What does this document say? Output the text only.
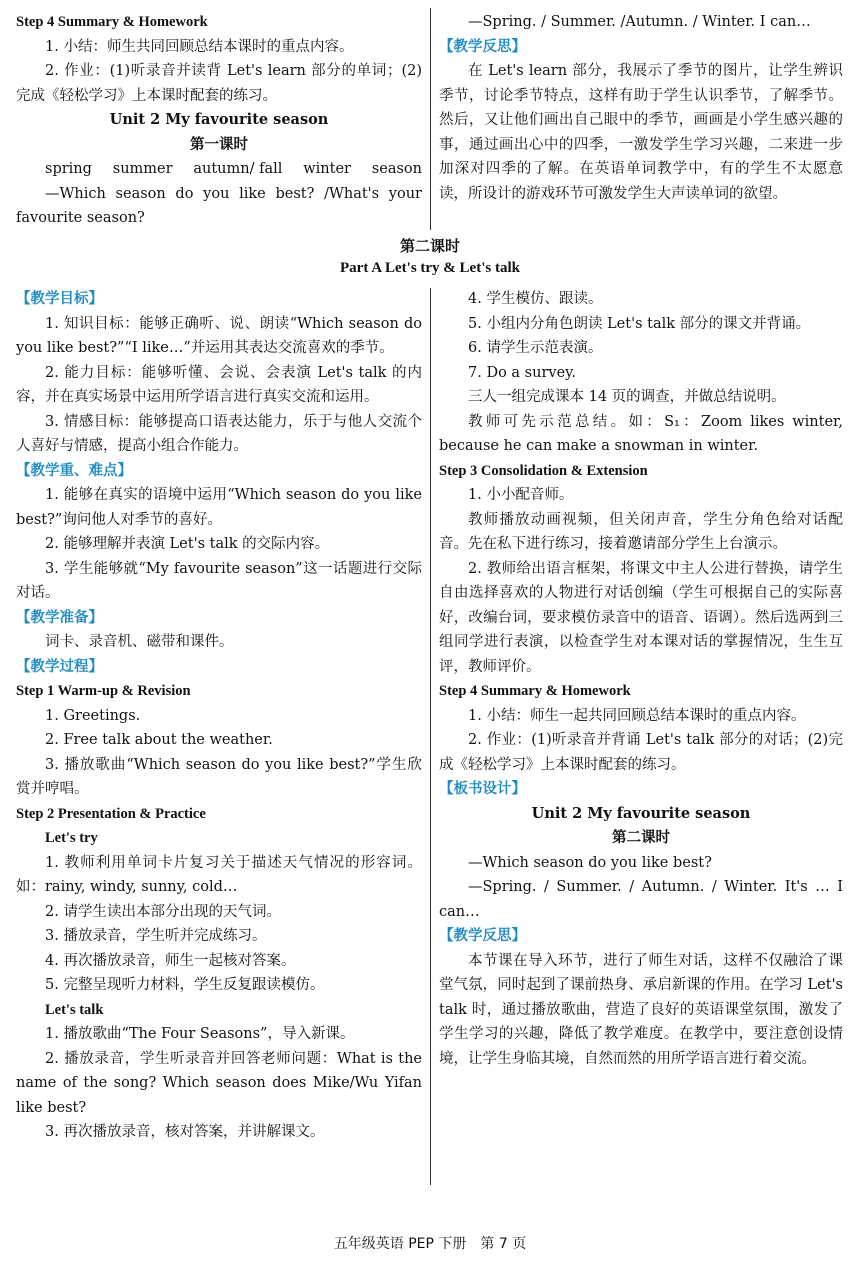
Step 4 Summary & Homework

1. 小结：师生共同回顾总结本课时的重点内容。

2. 作业：(1)听录音并读背 Let's learn 部分的单词；(2)完成《轻松学习》上本课时配套的练习。

Unit 2 My favourite season

第一课时

spring summer autumn/ fall winter season

—Which season do you like best? /What's your favourite season?

—Spring. / Summer. /Autumn. / Winter. I can…

【教学反思】

在 Let's learn 部分，我展示了季节的图片，让学生辨识季节，讨论季节特点，这样有助于学生认识季节，了解季节。然后，又让他们画出自己眼中的季节，画画是小学生感兴趣的事，通过画出心中的四季，一激发学生学习兴趣，二来进一步加深对四季的了解。在英语单词教学中，有的学生不太愿意读，所设计的游戏环节可激发学生大声读单词的欲望。

第二课时
Part A Let's try & Let's talk

【教学目标】

1. 知识目标：能够正确听、说、朗读“Which season do you like best?”“I like…”并运用其表达交流喜欢的季节。

2. 能力目标：能够听懂、会说、会表演 Let's talk 的内容，并在真实场景中运用所学语言进行真实交流和运用。

3. 情感目标：能够提高口语表达能力，乐于与他人交流个人喜好与情感，提高小组合作能力。

【教学重、难点】

1. 能够在真实的语境中运用“Which season do you like best?”询问他人对季节的喜好。

2. 能够理解并表演 Let's talk 的交际内容。

3. 学生能够就“My favourite season”这一话题进行交际对话。

【教学准备】

词卡、录音机、磁带和课件。

【教学过程】

Step 1 Warm-up & Revision

1. Greetings.

2. Free talk about the weather.

3. 播放歌曲“Which season do you like best?”学生欣赏并哼唱。

Step 2 Presentation & Practice

Let's try

1. 教师利用单词卡片复习关于描述天气情况的形容词。如：rainy, windy, sunny, cold…

2. 请学生读出本部分出现的天气词。

3. 播放录音，学生听并完成练习。

4. 再次播放录音，师生一起核对答案。

5. 完整呈现听力材料，学生反复跟读模仿。

Let's talk

1. 播放歌曲“The Four Seasons”，导入新课。

2. 播放录音，学生听录音并回答老师问题：What is the name of the song? Which season does Mike/Wu Yifan like best?

3. 再次播放录音，核对答案，并讲解课文。

4. 学生模仿、跟读。

5. 小组内分角色朗读 Let's talk 部分的课文并背诵。

6. 请学生示范表演。

7. Do a survey.

三人一组完成课本 14 页的调查，并做总结说明。

教师可先示范总结。如：S₁：Zoom likes winter, because he can make a snowman in winter.

Step 3 Consolidation & Extension

1. 小小配音师。

教师播放动画视频，但关闭声音，学生分角色给对话配音。先在私下进行练习，接着邀请部分学生上台演示。

2. 教师给出语言框架，将课文中主人公进行替换，请学生自由选择喜欢的人物进行对话创编（学生可根据自己的实际喜好，改编台词，要求模仿录音中的语音、语调）。然后选两到三组同学进行表演，以检查学生对本课对话的掌握情况，生生互评，教师评价。

Step 4 Summary & Homework

1. 小结：师生一起共同回顾总结本课时的重点内容。

2. 作业：(1)听录音并背诵 Let's talk 部分的对话；(2)完成《轻松学习》上本课时配套的练习。

【板书设计】

Unit 2 My favourite season

第二课时

—Which season do you like best?

—Spring. / Summer. / Autumn. / Winter. It's … I can…

【教学反思】

本节课在导入环节，进行了师生对话，这样不仅融洽了课堂气氛，同时起到了课前热身、承启新课的作用。在学习 Let's talk 时，通过播放歌曲，营造了良好的英语课堂氛围，激发了学生学习的兴趣，降低了教学难度。在教学中，要注意创设情境，让学生身临其境，自然而然的用所学语言进行着交流。

五年级英语 PEP 下册　第 7 页
